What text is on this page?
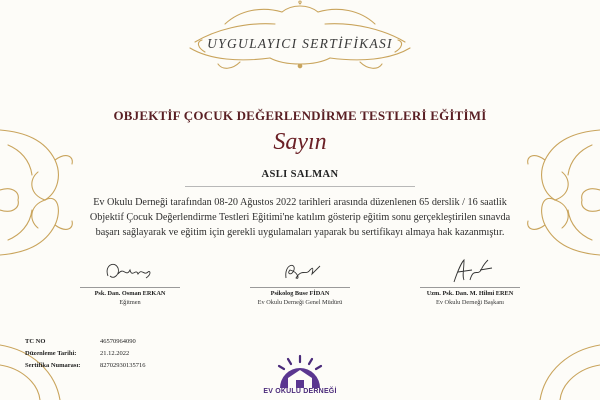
UYGULAYICI SERTİFİKASI
OBJEKTİF ÇOCUK DEĞERLENDİRME TESTLERİ EĞİTİMİ
Sayın
ASLI SALMAN
Ev Okulu Derneği tarafından 08-20 Ağustos 2022 tarihleri arasında düzenlenen 65 derslik / 16 saatlik
Objektif Çocuk Değerlendirme Testleri Eğitimi'ne katılım gösterip eğitim sonu gerçekleştirilen sınavda
başarı sağlayarak ve eğitim için gerekli uygulamaları yaparak bu sertifikayı almaya hak kazanmıştır.
Psk. Dan. Osman ERKAN
Eğitmen
Psikolog Buse FİDAN
Ev Okulu Derneği Genel Müdürü
Uzm. Psk. Dan. M. Hilmi EREN
Ev Okulu Derneği Başkanı
TC NO	46570964090
Düzenleme Tarihi:	21.12.2022
Sertifika Numarası:	82702930135716
EV OKULU DERNEĞİ
